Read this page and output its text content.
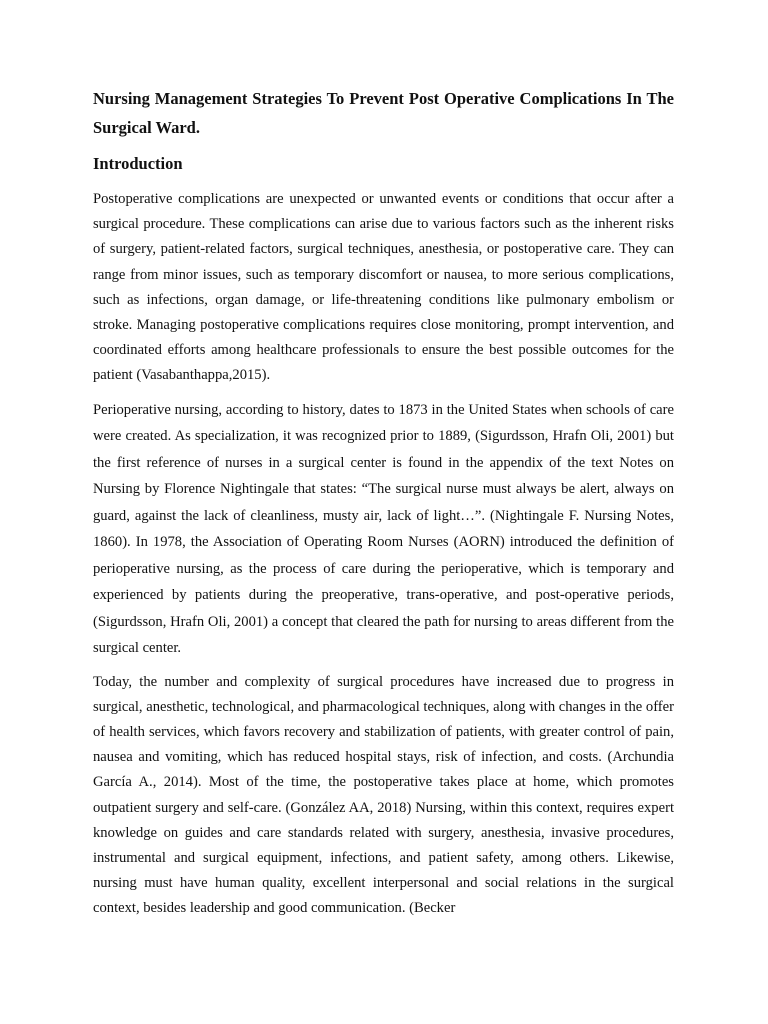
Nursing Management Strategies To Prevent Post Operative Complications In The Surgical Ward.
Introduction

Postoperative complications are unexpected or unwanted events or conditions that occur after a surgical procedure. These complications can arise due to various factors such as the inherent risks of surgery, patient-related factors, surgical techniques, anesthesia, or postoperative care. They can range from minor issues, such as temporary discomfort or nausea, to more serious complications, such as infections, organ damage, or life-threatening conditions like pulmonary embolism or stroke. Managing postoperative complications requires close monitoring, prompt intervention, and coordinated efforts among healthcare professionals to ensure the best possible outcomes for the patient (Vasabanthappa,2015).

Perioperative nursing, according to history, dates to 1873 in the United States when schools of care were created. As specialization, it was recognized prior to 1889, (Sigurdsson, Hrafn Oli, 2001) but the first reference of nurses in a surgical center is found in the appendix of the text Notes on Nursing by Florence Nightingale that states: “The surgical nurse must always be alert, always on guard, against the lack of cleanliness, musty air, lack of light…”. (Nightingale F. Nursing Notes, 1860). In 1978, the Association of Operating Room Nurses (AORN) introduced the definition of perioperative nursing, as the process of care during the perioperative, which is temporary and experienced by patients during the preoperative, trans-operative, and post-operative periods, (Sigurdsson, Hrafn Oli, 2001) a concept that cleared the path for nursing to areas different from the surgical center.

Today, the number and complexity of surgical procedures have increased due to progress in surgical, anesthetic, technological, and pharmacological techniques, along with changes in the offer of health services, which favors recovery and stabilization of patients, with greater control of pain, nausea and vomiting, which has reduced hospital stays, risk of infection, and costs. (Archundia García A., 2014). Most of the time, the postoperative takes place at home, which promotes outpatient surgery and self-care. (González AA, 2018) Nursing, within this context, requires expert knowledge on guides and care standards related with surgery, anesthesia, invasive procedures, instrumental and surgical equipment, infections, and patient safety, among others. Likewise, nursing must have human quality, excellent interpersonal and social relations in the surgical context, besides leadership and good communication. (Becker
